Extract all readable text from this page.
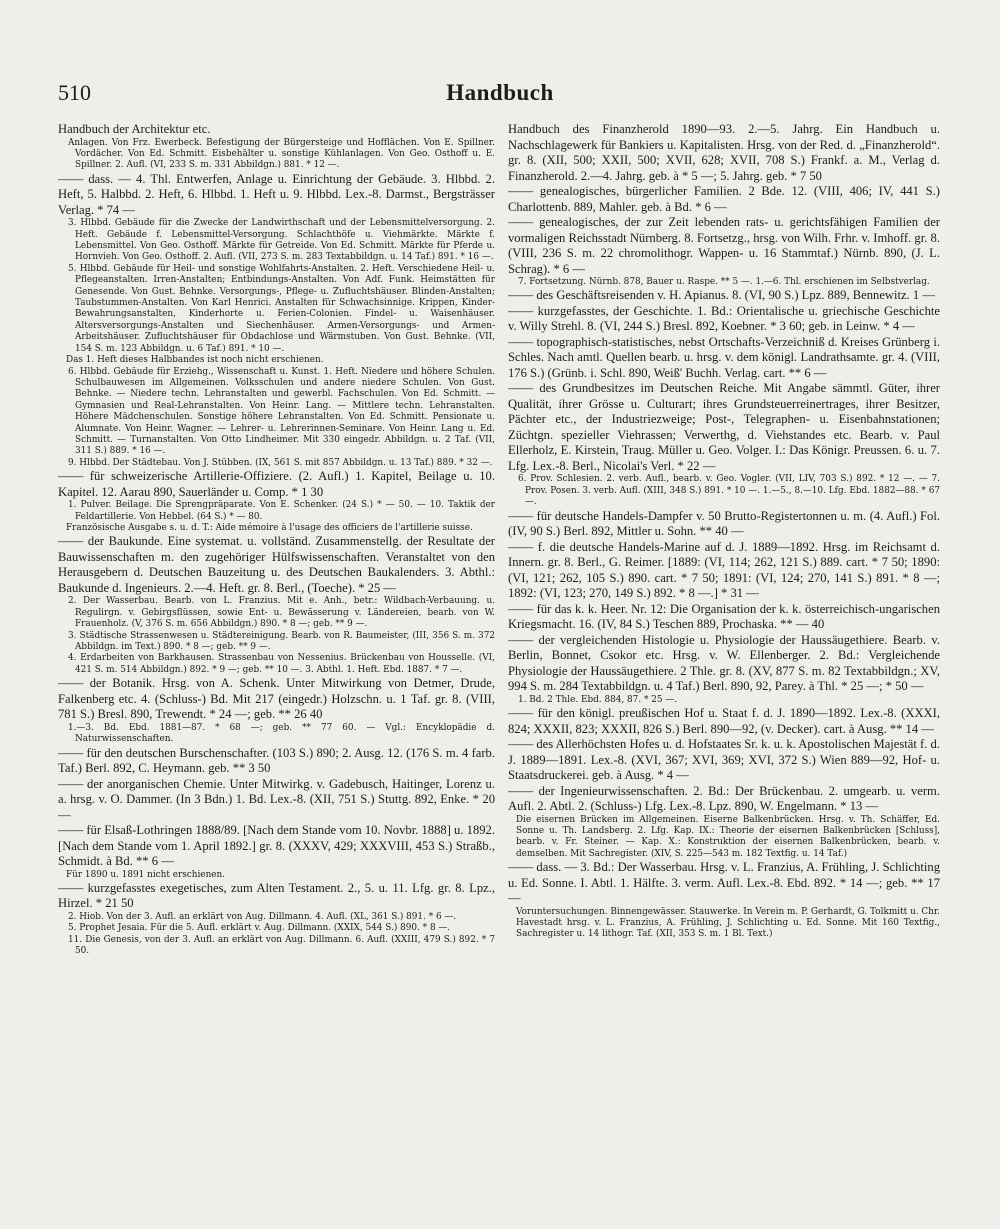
510	Handbuch

Handbuch der Architektur etc.

Anlagen. Von Frz. Ewerbeck. Befestigung der Bürgersteige und Hofflächen. Von E. Spillner. Vordächer. Von Ed. Schmitt. Eisbehälter u. sonstige Kühlanlagen. Von Geo. Osthoff u. E. Spillner. 2. Aufl. (VI, 233 S. m. 331 Abbildgn.) 881. * 12 —.

—— dass. — 4. Thl. Entwerfen, Anlage u. Einrichtung der Gebäude. 3. Hlbbd. 2. Heft, 5. Halbbd. 2. Heft, 6. Hlbbd. 1. Heft u. 9. Hlbbd. Lex.-8. Darmst., Bergsträsser Verlag. * 74 —

3. Hlbbd. Gebäude für die Zwecke der Landwirthschaft und der Lebensmittelversorgung. 2. Heft. Gebäude f. Lebensmittel-Versorgung. Schlachthöfe u. Viehmärkte. Märkte f. Lebensmittel. Von Geo. Osthoff. Märkte für Getreide. Von Ed. Schmitt. Märkte für Pferde u. Hornvieh. Von Geo. Osthoff. 2. Aufl. (VII, 273 S. m. 283 Textabbildgn. u. 14 Taf.) 891. * 16 —.

5. Hlbbd. Gebäude für Heil- und sonstige Wohlfahrts-Anstalten. 2. Heft. Verschiedene Heil- u. Pflegeanstalten. Irren-Anstalten; Entbindungs-Anstalten. Von Adf. Funk. Heimstätten für Genesende. Von Gust. Behnke. Versorgungs-, Pflege- u. Zufluchtshäuser. Blinden-Anstalten; Taubstummen-Anstalten. Von Karl Henrici. Anstalten für Schwachsinnige. Krippen, Kinder-Bewahrungsanstalten, Kinderhorte u. Ferien-Colonien. Findel- u. Waisenhäuser. Altersversorgungs-Anstalten und Siechenhäuser. Armen-Versorgungs- und Armen-Arbeitshäuser. Zufluchtshäuser für Obdachlose und Wärmstuben. Von Gust. Behnke. (VII, 154 S. m. 123 Abbildgn. u. 6 Taf.) 891. * 10 —.

Das 1. Heft dieses Halbbandes ist noch nicht erschienen.

6. Hlbbd. Gebäude für Erziehg., Wissenschaft u. Kunst. 1. Heft. Niedere und höhere Schulen. Schulbauwesen im Allgemeinen. Volksschulen und andere niedere Schulen. Von Gust. Behnke. — Niedere techn. Lehranstalten und gewerbl. Fachschulen. Von Ed. Schmitt. — Gymnasien und Real-Lehranstalten. Von Heinr. Lang. — Mittlere techn. Lehranstalten. Höhere Mädchenschulen. Sonstige höhere Lehranstalten. Von Ed. Schmitt. Pensionate u. Alumnate. Von Heinr. Wagner. — Lehrer- u. Lehrerinnen-Seminare. Von Heinr. Lang u. Ed. Schmitt. — Turnanstalten. Von Otto Lindheimer. Mit 330 eingedr. Abbildgn. u. 2 Taf. (VII, 311 S.) 889. * 16 —.

9. Hlbbd. Der Städtebau. Von J. Stübben. (IX, 561 S. mit 857 Abbildgn. u. 13 Taf.) 889. * 32 —.

—— für schweizerische Artillerie-Offiziere. (2. Aufl.) 1. Kapitel, Beilage u. 10. Kapitel. 12. Aarau 890, Sauerländer u. Comp. * 1 30

1. Pulver. Beilage. Die Sprengpräparate. Von E. Schenker. (24 S.) * — 50. — 10. Taktik der Feldartillerie. Von Hebbel. (64 S.) * — 80.

Französische Ausgabe s. u. d. T.: Aide mémoire à l'usage des officiers de l'artillerie suisse.

—— der Baukunde. Eine systemat. u. vollständ. Zusammenstellg. der Resultate der Bauwissenschaften m. den zugehöriger Hülfswissenschaften. Veranstaltet von den Herausgebern d. Deutschen Bauzeitung u. des Deutschen Baukalenders. 3. Abthl.: Baukunde d. Ingenieurs. 2.—4. Heft. gr. 8. Berl., (Toeche). * 25 —

2. Der Wasserbau. Bearb. von L. Franzius. Mit e. Anh., betr.: Wildbach-Verbauung. u. Regulirgn. v. Gebirgsflüssen, sowie Ent- u. Bewässerung v. Ländereien, bearb. von W. Frauenholz. (V, 376 S. m. 656 Abbildgn.) 890. * 8 —; geb. ** 9 —.

3. Städtische Strassenwesen u. Städtereinigung. Bearb. von R. Baumeister, (III, 356 S. m. 372 Abbildgn. im Text.) 890. * 8 —; geb. ** 9 —.

4. Erdarbeiten von Barkhausen. Strassenbau von Nessenius. Brückenbau von Housselle. (VI, 421 S. m. 514 Abbildgn.) 892. * 9 —; geb. ** 10 —. 3. Abthl. 1. Heft. Ebd. 1887. * 7 —.

—— der Botanik. Hrsg. von A. Schenk. Unter Mitwirkung von Detmer, Drude, Falkenberg etc. 4. (Schluss-) Bd. Mit 217 (eingedr.) Holzschn. u. 1 Taf. gr. 8. (VIII, 781 S.) Bresl. 890, Trewendt. * 24 —; geb. ** 26 40

1.—3. Bd. Ebd. 1881—87. * 68 —; geb. ** 77 60. — Vgl.: Encyklopädie d. Naturwissenschaften.

—— für den deutschen Burschenschafter. (103 S.) 890; 2. Ausg. 12. (176 S. m. 4 farb. Taf.) Berl. 892, C. Heymann. geb. ** 3 50

—— der anorganischen Chemie. Unter Mitwirkg. v. Gadebusch, Haitinger, Lorenz u. a. hrsg. v. O. Dammer. (In 3 Bdn.) 1. Bd. Lex.-8. (XII, 751 S.) Stuttg. 892, Enke. * 20 —

—— für Elsaß-Lothringen 1888/89. [Nach dem Stande vom 10. Novbr. 1888] u. 1892. [Nach dem Stande vom 1. April 1892.] gr. 8. (XXXV, 429; XXXVIII, 453 S.) Straßb., Schmidt. à Bd. ** 6 —

Für 1890 u. 1891 nicht erschienen.

—— kurzgefasstes exegetisches, zum Alten Testament. 2., 5. u. 11. Lfg. gr. 8. Lpz., Hirzel. * 21 50

2. Hiob. Von der 3. Aufl. an erklärt von Aug. Dillmann. 4. Aufl. (XL, 361 S.) 891. * 6 —.

5. Prophet Jesaia. Für die 5. Aufl. erklärt v. Aug. Dillmann. (XXIX, 544 S.) 890. * 8 —.

11. Die Genesis, von der 3. Aufl. an erklärt von Aug. Dillmann. 6. Aufl. (XXIII, 479 S.) 892. * 7 50.

Handbuch des Finanzherold 1890—93. 2.—5. Jahrg. Ein Handbuch u. Nachschlagewerk für Bankiers u. Kapitalisten. Hrsg. von der Red. d. „Finanzherold“. gr. 8. (XII, 500; XXII, 500; XVII, 628; XVII, 708 S.) Frankf. a. M., Verlag d. Finanzherold. 2.—4. Jahrg. geb. à * 5 —; 5. Jahrg. geb. * 7 50

—— genealogisches, bürgerlicher Familien. 2 Bde. 12. (VIII, 406; IV, 441 S.) Charlottenb. 889, Mahler. geb. à Bd. * 6 —

—— genealogisches, der zur Zeit lebenden rats- u. gerichtsfähigen Familien der vormaligen Reichsstadt Nürnberg. 8. Fortsetzg., hrsg. von Wilh. Frhr. v. Imhoff. gr. 8. (VIII, 236 S. m. 22 chromolithogr. Wappen- u. 16 Stammtaf.) Nürnb. 890, (J. L. Schrag). * 6 —

7. Fortsetzung. Nürnb. 878, Bauer u. Raspe. ** 5 —. 1.—6. Thl. erschienen im Selbstverlag.

—— des Geschäftsreisenden v. H. Apianus. 8. (VI, 90 S.) Lpz. 889, Bennewitz. 1 —

—— kurzgefasstes, der Geschichte. 1. Bd.: Orientalische u. griechische Geschichte v. Willy Strehl. 8. (VI, 244 S.) Bresl. 892, Koebner. * 3 60; geb. in Leinw. * 4 —

—— topographisch-statistisches, nebst Ortschafts-Verzeichniß d. Kreises Grünberg i. Schles. Nach amtl. Quellen bearb. u. hrsg. v. dem königl. Landrathsamte. gr. 4. (VIII, 176 S.) (Grünb. i. Schl. 890, Weiß' Buchh. Verlag. cart. ** 6 —

—— des Grundbesitzes im Deutschen Reiche. Mit Angabe sämmtl. Güter, ihrer Qualität, ihrer Grösse u. Culturart; ihres Grundsteuerreinertrages, ihrer Besitzer, Pächter etc., der Industriezweige; Post-, Telegraphen- u. Eisenbahnstationen; Züchtgn. spezieller Viehrassen; Verwerthg, d. Viehstandes etc. Bearb. v. Paul Ellerholz, E. Kirstein, Traug. Müller u. Geo. Volger. I.: Das Königr. Preussen. 6. u. 7. Lfg. Lex.-8. Berl., Nicolai's Verl. * 22 —

6. Prov. Schlesien. 2. verb. Aufl., bearb. v. Geo. Vogler. (VII, LIV, 703 S.) 892. * 12 —. — 7. Prov. Posen. 3. verb. Aufl. (XIII, 348 S.) 891. * 10 —. 1.—5., 8.—10. Lfg. Ebd. 1882—88. * 67 —.

—— für deutsche Handels-Dampfer v. 50 Brutto-Registertonnen u. m. (4. Aufl.) Fol. (IV, 90 S.) Berl. 892, Mittler u. Sohn. ** 40 —

—— f. die deutsche Handels-Marine auf d. J. 1889—1892. Hrsg. im Reichsamt d. Innern. gr. 8. Berl., G. Reimer. [1889: (VI, 114; 262, 121 S.) 889. cart. * 7 50; 1890: (VI, 121; 262, 105 S.) 890. cart. * 7 50; 1891: (VI, 124; 270, 141 S.) 891. * 8 —; 1892: (VI, 123; 270, 149 S.) 892. * 8 —.] * 31 —

—— für das k. k. Heer. Nr. 12: Die Organisation der k. k. österreichisch-ungarischen Kriegsmacht. 16. (IV, 84 S.) Teschen 889, Prochaska. ** — 40

—— der vergleichenden Histologie u. Physiologie der Haussäugethiere. Bearb. v. Berlin, Bonnet, Csokor etc. Hrsg. v. W. Ellenberger. 2. Bd.: Vergleichende Physiologie der Haussäugethiere. 2 Thle. gr. 8. (XV, 877 S. m. 82 Textabbildgn.; XV, 994 S. m. 284 Textabbildgn. u. 4 Taf.) Berl. 890, 92, Parey. à Thl. * 25 —; * 50 —

1. Bd. 2 Thle. Ebd. 884, 87. * 25 —.

—— für den königl. preußischen Hof u. Staat f. d. J. 1890—1892. Lex.-8. (XXXI, 824; XXXII, 823; XXXII, 826 S.) Berl. 890—92, (v. Decker). cart. à Ausg. ** 14 —

—— des Allerhöchsten Hofes u. d. Hofstaates Sr. k. u. k. Apostolischen Majestät f. d. J. 1889—1891. Lex.-8. (XVI, 367; XVI, 369; XVI, 372 S.) Wien 889—92, Hof- u. Staatsdruckerei. geb. à Ausg. * 4 —

—— der Ingenieurwissenschaften. 2. Bd.: Der Brückenbau. 2. umgearb. u. verm. Aufl. 2. Abtl. 2. (Schluss-) Lfg. Lex.-8. Lpz. 890, W. Engelmann. * 13 —

Die eisernen Brücken im Allgemeinen. Eiserne Balkenbrücken. Hrsg. v. Th. Schäffer, Ed. Sonne u. Th. Landsberg. 2. Lfg. Kap. IX.: Theorie der eisernen Balkenbrücken [Schluss], bearb. v. Fr. Steiner. — Kap. X.: Konstruktion der eisernen Balkenbrücken, bearb. v. demselben. Mit Sachregister. (XIV, S. 225—543 m. 182 Textfig. u. 14 Taf.)

—— dass. — 3. Bd.: Der Wasserbau. Hrsg. v. L. Franzius, A. Frühling, J. Schlichting u. Ed. Sonne. I. Abtl. 1. Hälfte. 3. verm. Aufl. Lex.-8. Ebd. 892. * 14 —; geb. ** 17 —

Voruntersuchungen. Binnengewässer. Stauwerke. In Verein m. P. Gerhardt, G. Tolkmitt u. Chr. Havestadt hrsg. v. L. Franzius, A. Frühling, J. Schlichting u. Ed. Sonne. Mit 160 Textfig., Sachregister u. 14 lithogr. Taf. (XII, 353 S. m. 1 Bl. Text.)
